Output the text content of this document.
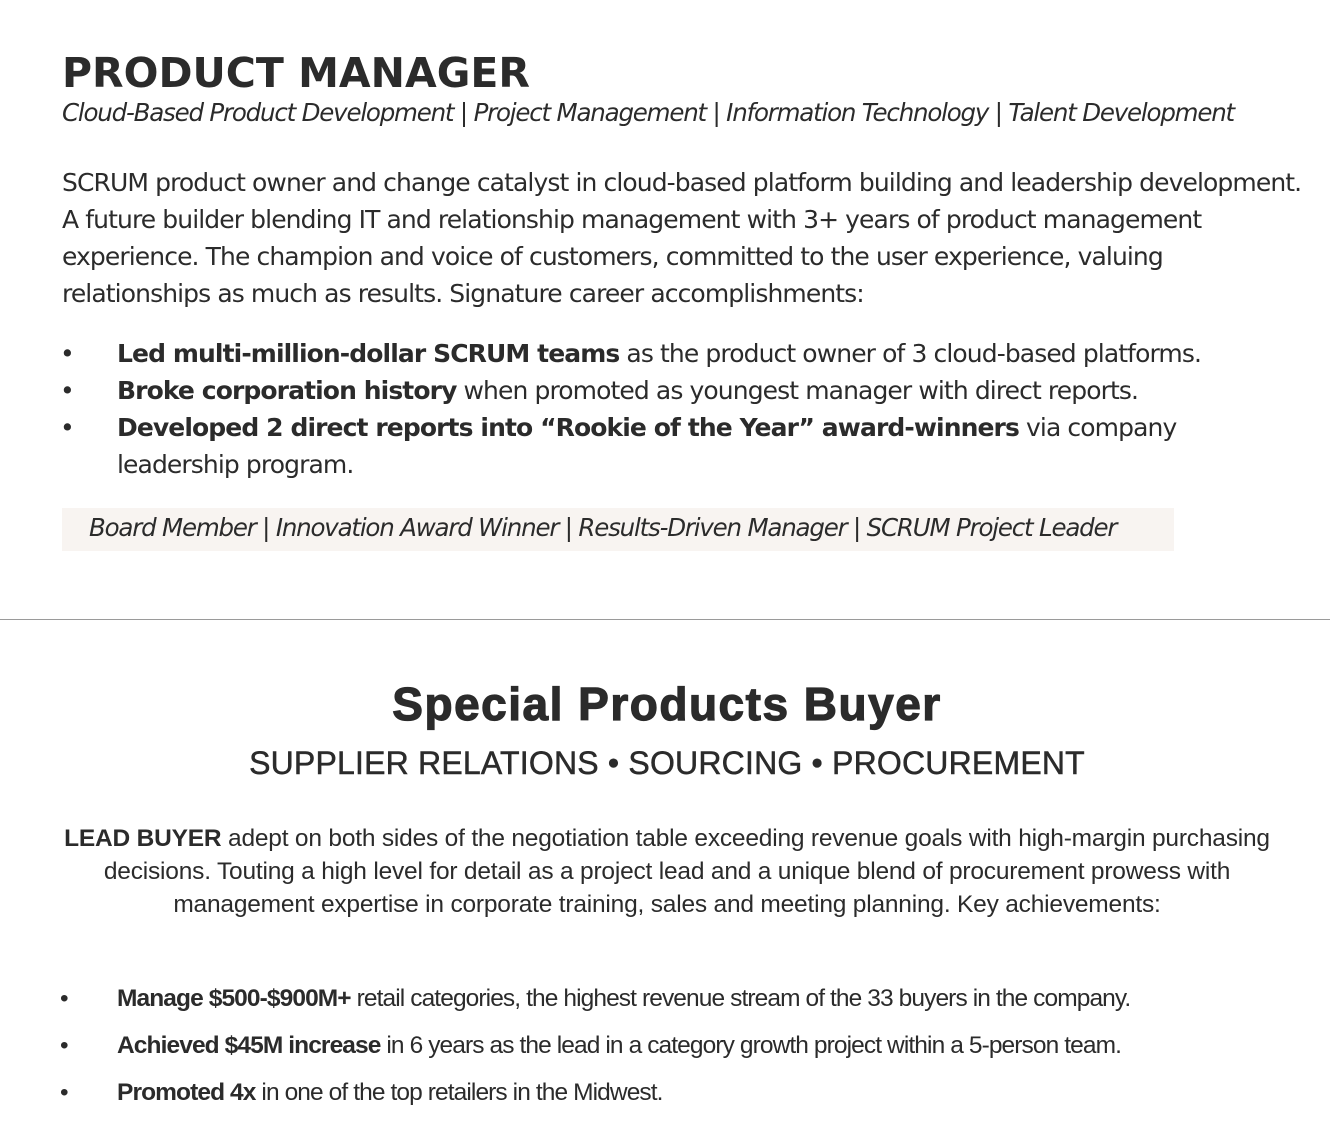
PRODUCT MANAGER

Cloud-Based Product Development | Project Management | Information Technology | Talent Development

SCRUM product owner and change catalyst in cloud-based platform building and leadership development. A future builder blending IT and relationship management with 3+ years of product management experience. The champion and voice of customers, committed to the user experience, valuing relationships as much as results. Signature career accomplishments:

• Led multi-million-dollar SCRUM teams as the product owner of 3 cloud-based platforms.
• Broke corporation history when promoted as youngest manager with direct reports.
• Developed 2 direct reports into “Rookie of the Year” award-winners via company leadership program.
Board Member | Innovation Award Winner | Results-Driven Manager | SCRUM Project Leader
Special Products Buyer

SUPPLIER RELATIONS • SOURCING • PROCUREMENT

LEAD BUYER adept on both sides of the negotiation table exceeding revenue goals with high-margin purchasing decisions. Touting a high level for detail as a project lead and a unique blend of procurement prowess with management expertise in corporate training, sales and meeting planning. Key achievements:

• Manage $500-$900M+ retail categories, the highest revenue stream of the 33 buyers in the company.
• Achieved $45M increase in 6 years as the lead in a category growth project within a 5-person team.
• Promoted 4x in one of the top retailers in the Midwest.
